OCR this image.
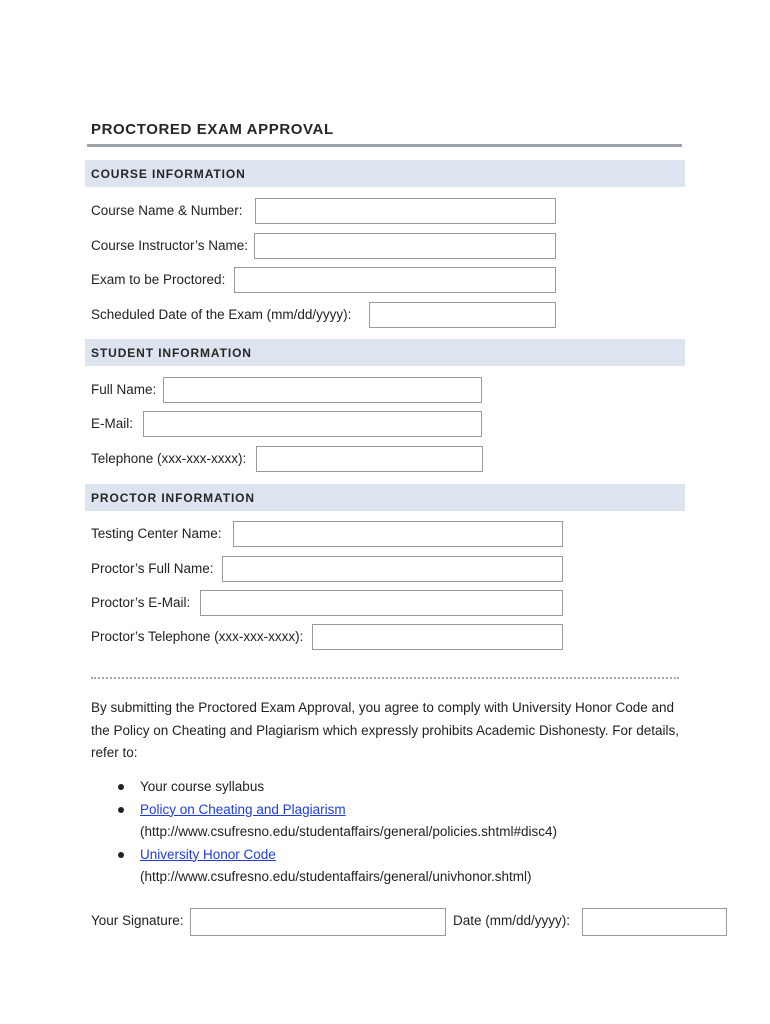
PROCTORED EXAM APPROVAL
COURSE INFORMATION
Course Name & Number:
Course Instructor’s Name:
Exam to be Proctored:
Scheduled Date of the Exam (mm/dd/yyyy):
STUDENT INFORMATION
Full Name:
E-Mail:
Telephone (xxx-xxx-xxxx):
PROCTOR INFORMATION
Testing Center Name:
Proctor’s Full Name:
Proctor’s E-Mail:
Proctor’s Telephone (xxx-xxx-xxxx):

By submitting the Proctored Exam Approval, you agree to comply with University Honor Code and the Policy on Cheating and Plagiarism which expressly prohibits Academic Dishonesty. For details, refer to:

Your course syllabus
Policy on Cheating and Plagiarism
(http://www.csufresno.edu/studentaffairs/general/policies.shtml#disc4)
University Honor Code
(http://www.csufresno.edu/studentaffairs/general/univhonor.shtml)
Your Signature:	Date (mm/dd/yyyy):
